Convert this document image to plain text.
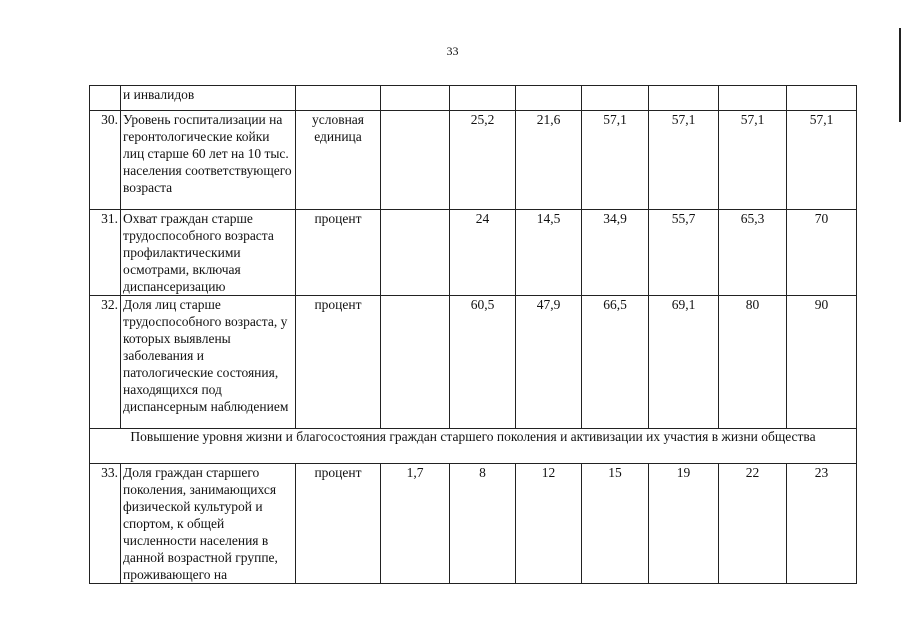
33
	и инвалидов								
30.	Уровень госпитализации на геронтологические койки лиц старше 60 лет на 10 тыс. населения соответствующего возраста	условная единица		25,2	21,6	57,1	57,1	57,1	57,1
31.	Охват граждан старше трудоспособного возраста профилактическими осмотрами, включая диспансеризацию	процент		24	14,5	34,9	55,7	65,3	70
32.	Доля лиц старше трудоспособного возраста, у которых выявлены заболевания и патологические состояния, находящихся под диспансерным наблюдением	процент		60,5	47,9	66,5	69,1	80	90
Повышение уровня жизни и благосостояния граждан старшего поколения и активизации их участия в жизни общества									
33.	Доля граждан старшего поколения, занимающихся физической культурой и спортом, к общей численности населения в данной возрастной группе, проживающего на	процент	1,7	8	12	15	19	22	23
